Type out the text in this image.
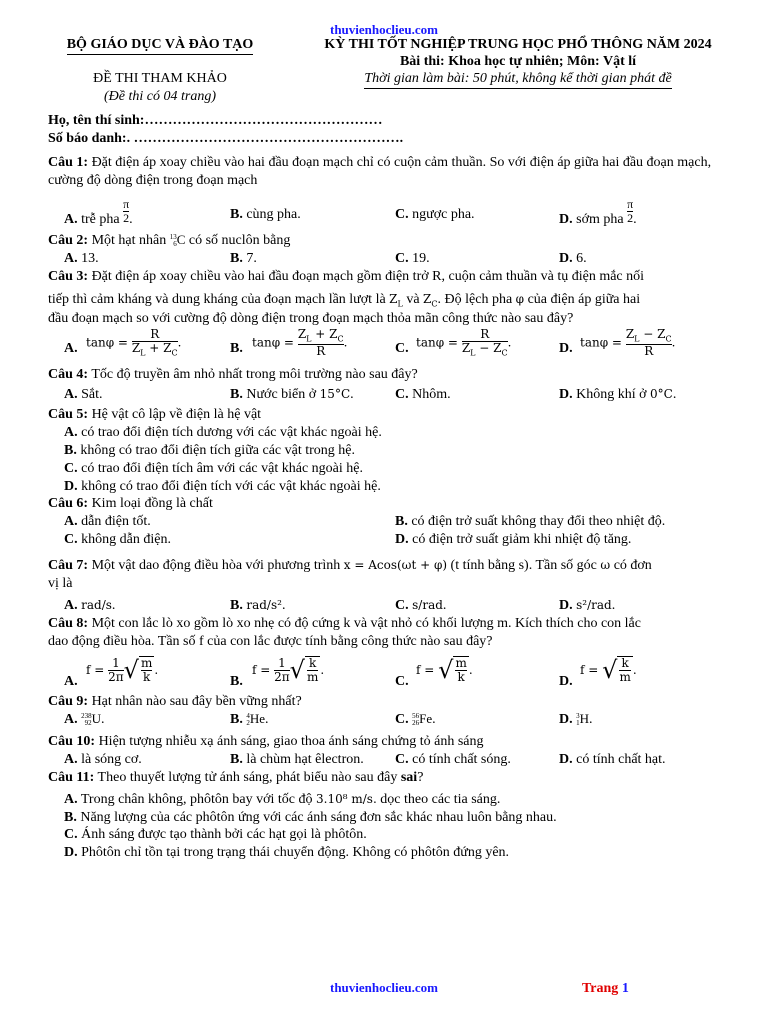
thuvienhoclieu.com
BỘ GIÁO DỤC VÀ ĐÀO TẠO	KỲ THI TỐT NGHIỆP TRUNG HỌC PHỔ THÔNG NĂM 2024
Bài thi: Khoa học tự nhiên; Môn: Vật lí
ĐỀ THI THAM KHẢO	Thời gian làm bài: 50 phút, không kể thời gian phát đề
(Đề thi có 04 trang)
Họ, tên thí sinh:……………………………………………
Số báo danh:. ………………………………………………….
Câu 1: Đặt điện áp xoay chiều vào hai đầu đoạn mạch chỉ có cuộn cảm thuần. So với điện áp giữa hai đầu đoạn mạch, cường độ dòng điện trong đoạn mạch
A. trễ pha $\frac{\pi}{2}$ .	B. cùng pha.	C. ngược pha.	D. sớm pha $\frac{\pi}{2}$ .
Câu 2: Một hạt nhân 13
6C có số nuclôn bằng
A. 13.	B. 7.	C. 19.	D. 6.
Câu 3: Đặt điện áp xoay chiều vào hai đầu đoạn mạch gồm điện trở R, cuộn cảm thuần và tụ điện mắc nối
tiếp thì cảm kháng và dung kháng của đoạn mạch lần lượt là $Z_L$ và $Z_C$. Độ lệch pha φ của điện áp giữa hai
đầu đoạn mạch so với cường độ dòng điện trong đoạn mạch thỏa mãn công thức nào sau đây?
A. $\tan\varphi = \frac{R}{Z_L + Z_C}$ .	B. $\tan\varphi = \frac{Z_L + Z_C}{R}$ .	C. $\tan\varphi = \frac{R}{Z_L - Z_C}$ .	D. $\tan\varphi = \frac{Z_L - Z_C}{R}$ .
Câu 4: Tốc độ truyền âm nhỏ nhất trong môi trường nào sau đây?
A. Sắt.	B. Nước biển ở 15°C.	C. Nhôm.	D. Không khí ở 0°C.
Câu 5: Hệ vật cô lập về điện là hệ vật
A. có trao đổi điện tích dương với các vật khác ngoài hệ.
B. không có trao đổi điện tích giữa các vật trong hệ.
C. có trao đổi điện tích âm với các vật khác ngoài hệ.
D. không có trao đổi điện tích với các vật khác ngoài hệ.
Câu 6: Kim loại đồng là chất
A. dẫn điện tốt.	B. có điện trở suất không thay đổi theo nhiệt độ.
C. không dẫn điện.	D. có điện trở suất giảm khi nhiệt độ tăng.
Câu 7: Một vật dao động điều hòa với phương trình x = Acos(ωt + φ) (t tính bằng s). Tần số góc ω có đơn
vị là
A. rad/s.	B. rad/s².	C. s/rad.	D. s²/rad.
Câu 8: Một con lắc lò xo gồm lò xo nhẹ có độ cứng k và vật nhỏ có khối lượng m. Kích thích cho con lắc
dao động điều hòa. Tần số f của con lắc được tính bằng công thức nào sau đây?
A.
$f = \frac{1}{2\pi}$ √ $\frac{m}{k}$ .
B.
$f = \frac{1}{2\pi}$ √ $\frac{k}{m}$ .
C.
f = √ $\frac{m}{k}$ .
D.
f = √ $\frac{k}{m}$ .
Câu 9: Hạt nhân nào sau đây bền vững nhất?
A. 238
92U.	B. 4
2He.	C. 56
26Fe.	D. 3
1H.
Câu 10: Hiện tượng nhiễu xạ ánh sáng, giao thoa ánh sáng chứng tỏ ánh sáng
A. là sóng cơ.	B. là chùm hạt êlectron. C. có tính chất sóng.	D. có tính chất hạt.
Câu 11: Theo thuyết lượng tử ánh sáng, phát biểu nào sau đây sai?
A. Trong chân không, phôtôn bay với tốc độ 3.10⁸ m/s. dọc theo các tia sáng.
B. Năng lượng của các phôtôn ứng với các ánh sáng đơn sắc khác nhau luôn bằng nhau.
C. Ánh sáng được tạo thành bởi các hạt gọi là phôtôn.
D. Phôtôn chỉ tồn tại trong trạng thái chuyển động. Không có phôtôn đứng yên.
thuvienhoclieu.com	Trang 1
